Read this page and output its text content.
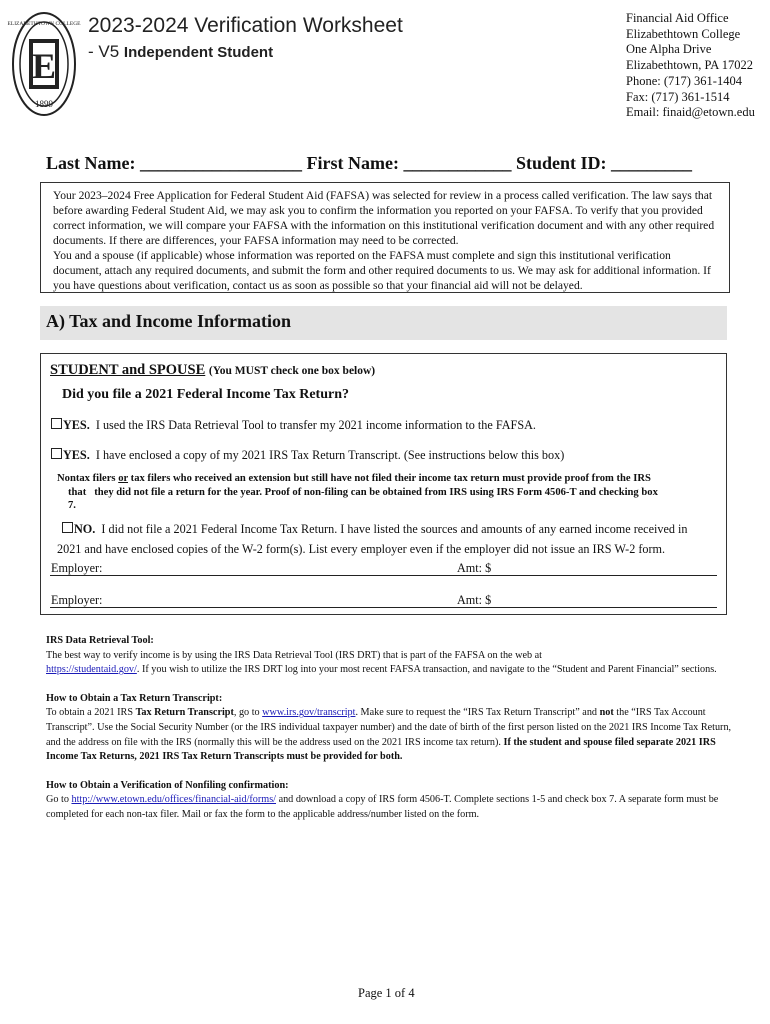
E
1899
ELIZABETHTOWN COLLEGE 2023-2024 Verification Worksheet
- V5 Independent Student
Financial Aid Office
Elizabethtown College
One Alpha Drive
Elizabethtown, PA 17022
Phone: (717) 361-1404
Fax: (717) 361-1514
Email: finaid@etown.edu
Last Name: __________________ First Name: ____________ Student ID: _________

Your 2023–2024 Free Application for Federal Student Aid (FAFSA) was selected for review in a process called verification. The law says that before awarding Federal Student Aid, we may ask you to confirm the information you reported on your FAFSA. To verify that you provided correct information, we will compare your FAFSA with the information on this institutional verification document and with any other required documents. If there are differences, your FAFSA information may need to be corrected.

You and a spouse (if applicable) whose information was reported on the FAFSA must complete and sign this institutional verification document, attach any required documents, and submit the form and other required documents to us. We may ask for additional information. If you have questions about verification, contact us as soon as possible so that your financial aid will not be delayed.

A) Tax and Income Information
STUDENT and SPOUSE (You MUST check one box below)
Did you file a 2021 Federal Income Tax Return?
YES. I used the IRS Data Retrieval Tool to transfer my 2021 income information to the FAFSA.
YES. I have enclosed a copy of my 2021 IRS Tax Return Transcript. (See instructions below this box)
Nontax filers or tax filers who received an extension but still have not filed their income tax return must provide proof from the IRS
that they did not file a return for the year. Proof of non-filing can be obtained from IRS using IRS Form 4506-T and checking box
7.
NO. I did not file a 2021 Federal Income Tax Return. I have listed the sources and amounts of any earned income received in
2021 and have enclosed copies of the W-2 form(s). List every employer even if the employer did not issue an IRS W-2 form.
Employer:	Amt: $
Employer:	Amt: $

IRS Data Retrieval Tool:

The best way to verify income is by using the IRS Data Retrieval Tool (IRS DRT) that is part of the FAFSA on the web at
https://studentaid.gov/. If you wish to utilize the IRS DRT log into your most recent FAFSA transaction, and navigate to the “Student and Parent Financial” sections.

How to Obtain a Tax Return Transcript:

To obtain a 2021 IRS Tax Return Transcript, go to www.irs.gov/transcript. Make sure to request the “IRS Tax Return Transcript” and not the “IRS Tax Account Transcript”. Use the Social Security Number (or the IRS individual taxpayer number) and the date of birth of the first person listed on the 2021 IRS Income Tax Return, and the address on file with the IRS (normally this will be the address used on the 2021 IRS income tax return). If the student and spouse filed separate 2021 IRS Income Tax Returns, 2021 IRS Tax Return Transcripts must be provided for both.

How to Obtain a Verification of Nonfiling confirmation:

Go to http://www.etown.edu/offices/financial-aid/forms/ and download a copy of IRS form 4506-T. Complete sections 1-5 and check box 7. A separate form must be completed for each non-tax filer. Mail or fax the form to the applicable address/number listed on the form.

Page 1 of 4
